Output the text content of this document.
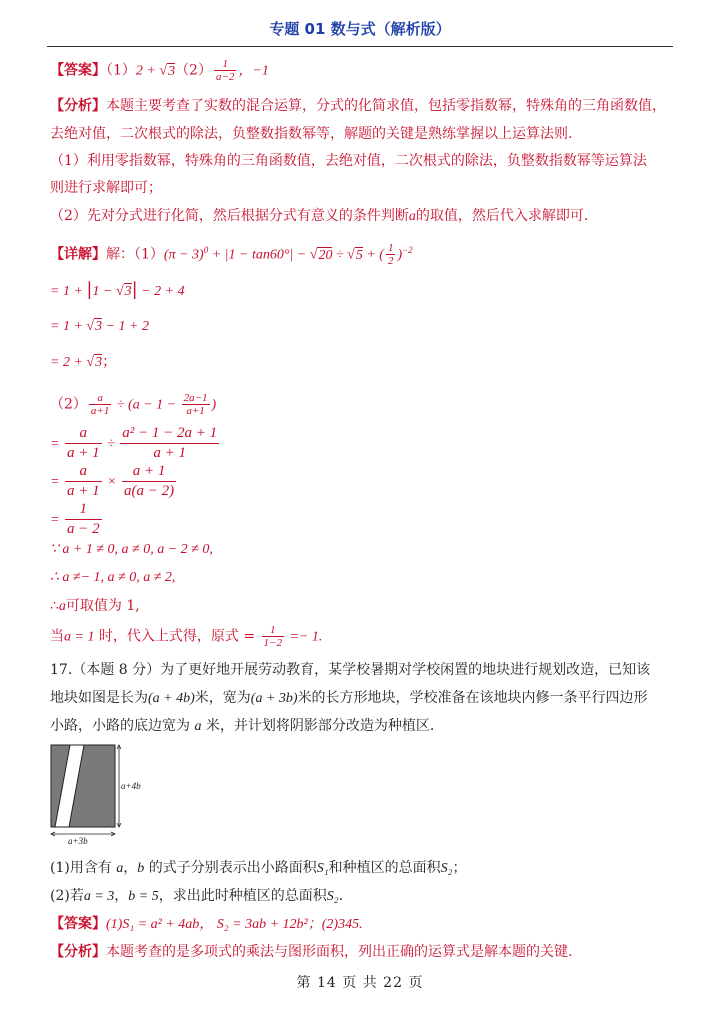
专题 01 数与式（解析版）
【答案】$(1)2 + √3(2) \frac{1}{a-2}$ ，−1
【分析】本题主要考查了实数的混合运算，分式的化简求值，包括零指数幂，特殊角的三角函数值，
去绝对值，二次根式的除法，负整数指数幂等，解题的关键是熟练掌握以上运算法则.
（1）利用零指数幂，特殊角的三角函数值，去绝对值，二次根式的除法，负整数指数幂等运算法
则进行求解即可；
（2）先对分式进行化简，然后根据分式有意义的条件判断a的取值，然后代入求解即可.
【详解】解：$(1)(\pi - 3)^0 + |1 - \tan 60^\circ| - √20 \div √5$ + ( $\frac{1}{2} )^{-2}$
= 1 + |1 − √3| − 2 + 4
= 1 + √3 − 1 + 2
= 2 + √3；
$(2) \frac{a}{a+1} \div (a - 1 - \frac{2a-1}{a+1}$ )
= $\frac{a}{a + 1} \div \frac{\text{a² − 1 − 2a + 1}}{a + 1}$
= $\frac{a}{a + 1} \times \frac{a + 1}{a(a - 2)}$
= $\frac{1}{a - 2}$
∵ a + 1 ≠ 0, a ≠ 0, a − 2 ≠ 0,
∴ a ≠− 1, a ≠ 0, a ≠ 2,
∴a可取值为 1,
当a = 1 时，代入上式得，原式 = $\frac{1}{1-2} =- 1$.
17.（本题 8 分）为了更好地开展劳动教育，某学校暑期对学校闲置的地块进行规划改造，已知该
地块如图是长为(a + 4b)米，宽为(a + 3b)米的长方形地块，学校准备在该地块内修一条平行四边形
小路，小路的底边宽为 a 米，并计划将阴影部分改造为种植区.
a+4b
a+3b
(1)用含有 a，b 的式子分别表示出小路面积S₁和种植区的总面积S₂；
(2)若a = 3，b = 5，求出此时种植区的总面积S₂.
【答案】(1)S₁ = a² + 4ab， S₂ = 3ab + 12b²；(2)345.
【分析】本题考查的是多项式的乘法与图形面积，列出正确的运算式是解本题的关键.
第 14 页 共 22 页
